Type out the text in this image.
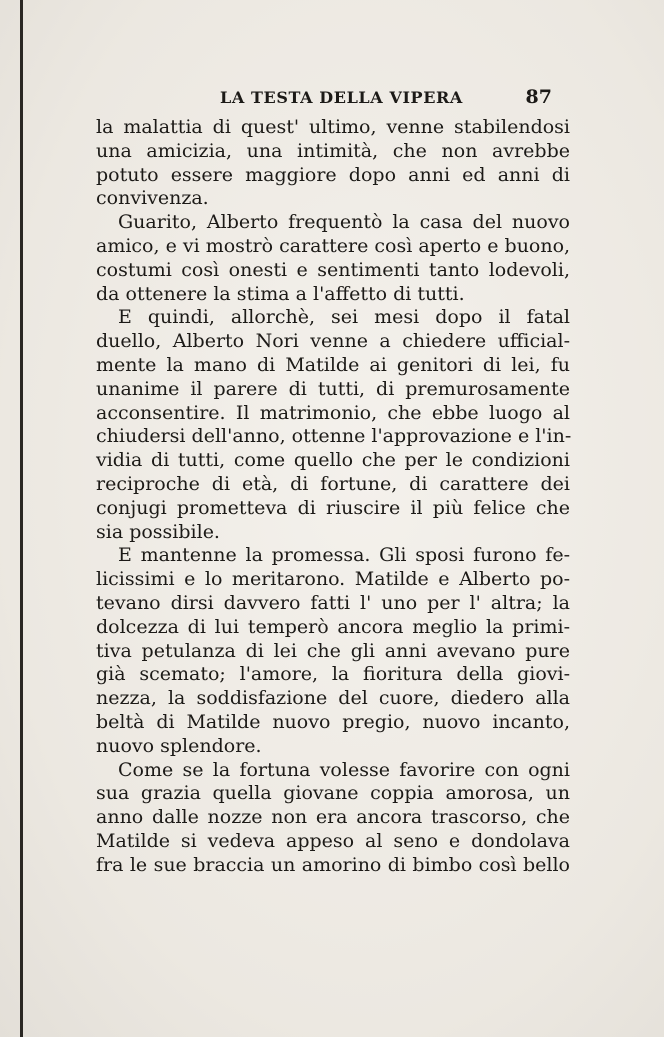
LA TESTA DELLA VIPERA	87
la malattia di quest' ultimo, venne stabilendosi
una amicizia, una intimità, che non avrebbe
potuto essere maggiore dopo anni ed anni di
convivenza.
Guarito, Alberto frequentò la casa del nuovo
amico, e vi mostrò carattere così aperto e buono,
costumi così onesti e sentimenti tanto lodevoli,
da ottenere la stima a l'affetto di tutti.
E quindi, allorchè, sei mesi dopo il fatal
duello, Alberto Nori venne a chiedere ufficial-
mente la mano di Matilde ai genitori di lei, fu
unanime il parere di tutti, di premurosamente
acconsentire. Il matrimonio, che ebbe luogo al
chiudersi dell'anno, ottenne l'approvazione e l'in-
vidia di tutti, come quello che per le condizioni
reciproche di età, di fortune, di carattere dei
conjugi prometteva di riuscire il più felice che
sia possibile.
E mantenne la promessa. Gli sposi furono fe-
licissimi e lo meritarono. Matilde e Alberto po-
tevano dirsi davvero fatti l' uno per l' altra; la
dolcezza di lui temperò ancora meglio la primi-
tiva petulanza di lei che gli anni avevano pure
già scemato; l'amore, la fioritura della giovi-
nezza, la soddisfazione del cuore, diedero alla
beltà di Matilde nuovo pregio, nuovo incanto,
nuovo splendore.
Come se la fortuna volesse favorire con ogni
sua grazia quella giovane coppia amorosa, un
anno dalle nozze non era ancora trascorso, che
Matilde si vedeva appeso al seno e dondolava
fra le sue braccia un amorino di bimbo così bello
